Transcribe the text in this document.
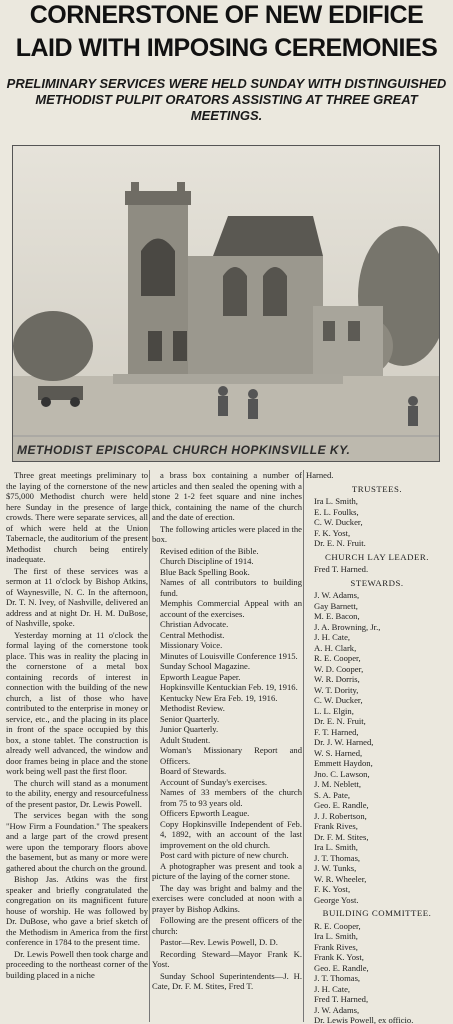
CORNERSTONE OF NEW EDIFICE
LAID WITH IMPOSING CEREMONIES
PRELIMINARY SERVICES WERE HELD SUNDAY WITH DISTINGUISHED METHODIST PULPIT ORATORS ASSISTING AT THREE GREAT MEETINGS.
METHODIST EPISCOPAL CHURCH HOPKINSVILLE KY.

Three great meetings preliminary to the laying of the cornerstone of the new $75,000 Methodist church were held here Sunday in the presence of large crowds. There were separate services, all of which were held at the Union Tabernacle, the auditorium of the present Methodist church being entirely inadequate.

The first of these services was a sermon at 11 o'clock by Bishop Atkins, of Waynesville, N. C. In the afternoon, Dr. T. N. Ivey, of Nashville, delivered an address and at night Dr. H. M. DuBose, of Nashville, spoke.

Yesterday morning at 11 o'clock the formal laying of the cornerstone took place. This was in reality the placing in the cornerstone of a metal box containing records of interest in connection with the building of the new church, a list of those who have contributed to the enterprise in money or service, etc., and the placing in its place in front of the space occupied by this box, a stone tablet. The construction is already well advanced, the window and door frames being in place and the stone work being well past the first floor.

The church will stand as a monument to the ability, energy and resourcefulness of the present pastor, Dr. Lewis Powell.

The services began with the song "How Firm a Foundation." The speakers and a large part of the crowd present were upon the temporary floors above the basement, but as many or more were gathered about the church on the ground.

Bishop Jas. Atkins was the first speaker and briefly congratulated the congregation on its magnificent future house of worship. He was followed by Dr. DuBose, who gave a brief sketch of the Methodism in America from the first conference in 1784 to the present time.

Dr. Lewis Powell then took charge and proceeding to the northeast corner of the building placed in a niche

a brass box containing a number of articles and then sealed the opening with a stone 2 1-2 feet square and nine inches thick, containing the name of the church and the date of erection.

The following articles were placed in the box.

Revised edition of the Bible.
Church Discipline of 1914.
Blue Back Spelling Book.
Names of all contributors to building fund.
Memphis Commercial Appeal with an account of the exercises.
Christian Advocate.
Central Methodist.
Missionary Voice.
Minutes of Louisville Conference 1915.
Sunday School Magazine.
Epworth League Paper.
Hopkinsville Kentuckian Feb. 19, 1916.
Kentucky New Era Feb. 19, 1916.
Methodist Review.
Senior Quarterly.
Junior Quarterly.
Adult Student.
Woman's Missionary Report and Officers.
Board of Stewards.
Account of Sunday's exercises.
Names of 33 members of the church from 75 to 93 years old.
Officers Epworth League.
Copy Hopkinsville Independent of Feb. 4, 1892, with an account of the last improvement on the old church.
Post card with picture of new church.

A photographer was present and took a picture of the laying of the corner stone.

The day was bright and balmy and the exercises were concluded at noon with a prayer by Bishop Adkins.

Following are the present officers of the church:

Pastor—Rev. Lewis Powell, D. D.

Recording Steward—Mayor Frank K. Yost.

Sunday School Superintendents—J. H. Cate, Dr. F. M. Stites, Fred T.

Harned.
TRUSTEES.
Ira L. Smith,
E. L. Foulks,
C. W. Ducker,
F. K. Yost,
Dr. E. N. Fruit.
CHURCH LAY LEADER.
Fred T. Harned.
STEWARDS.
J. W. Adams,
Gay Barnett,
M. E. Bacon,
J. A. Browning, Jr.,
J. H. Cate,
A. H. Clark,
R. E. Cooper,
W. D. Cooper,
W. R. Dorris,
W. T. Dority,
C. W. Ducker,
L. L. Elgin,
Dr. E. N. Fruit,
F. T. Harned,
Dr. J. W. Harned,
W. S. Harned,
Emmett Haydon,
Jno. C. Lawson,
J. M. Neblett,
S. A. Pate,
Geo. E. Randle,
J. J. Robertson,
Frank Rives,
Dr. F. M. Stites,
Ira L. Smith,
J. T. Thomas,
J. W. Tunks,
W. R. Wheeler,
F. K. Yost,
George Yost.
BUILDING COMMITTEE.
R. E. Cooper,
Ira L. Smith,
Frank Rives,
Frank K. Yost,
Geo. E. Randle,
J. T. Thomas,
J. H. Cate,
Fred T. Harned,
J. W. Adams,
Dr. Lewis Powell, ex officio.
